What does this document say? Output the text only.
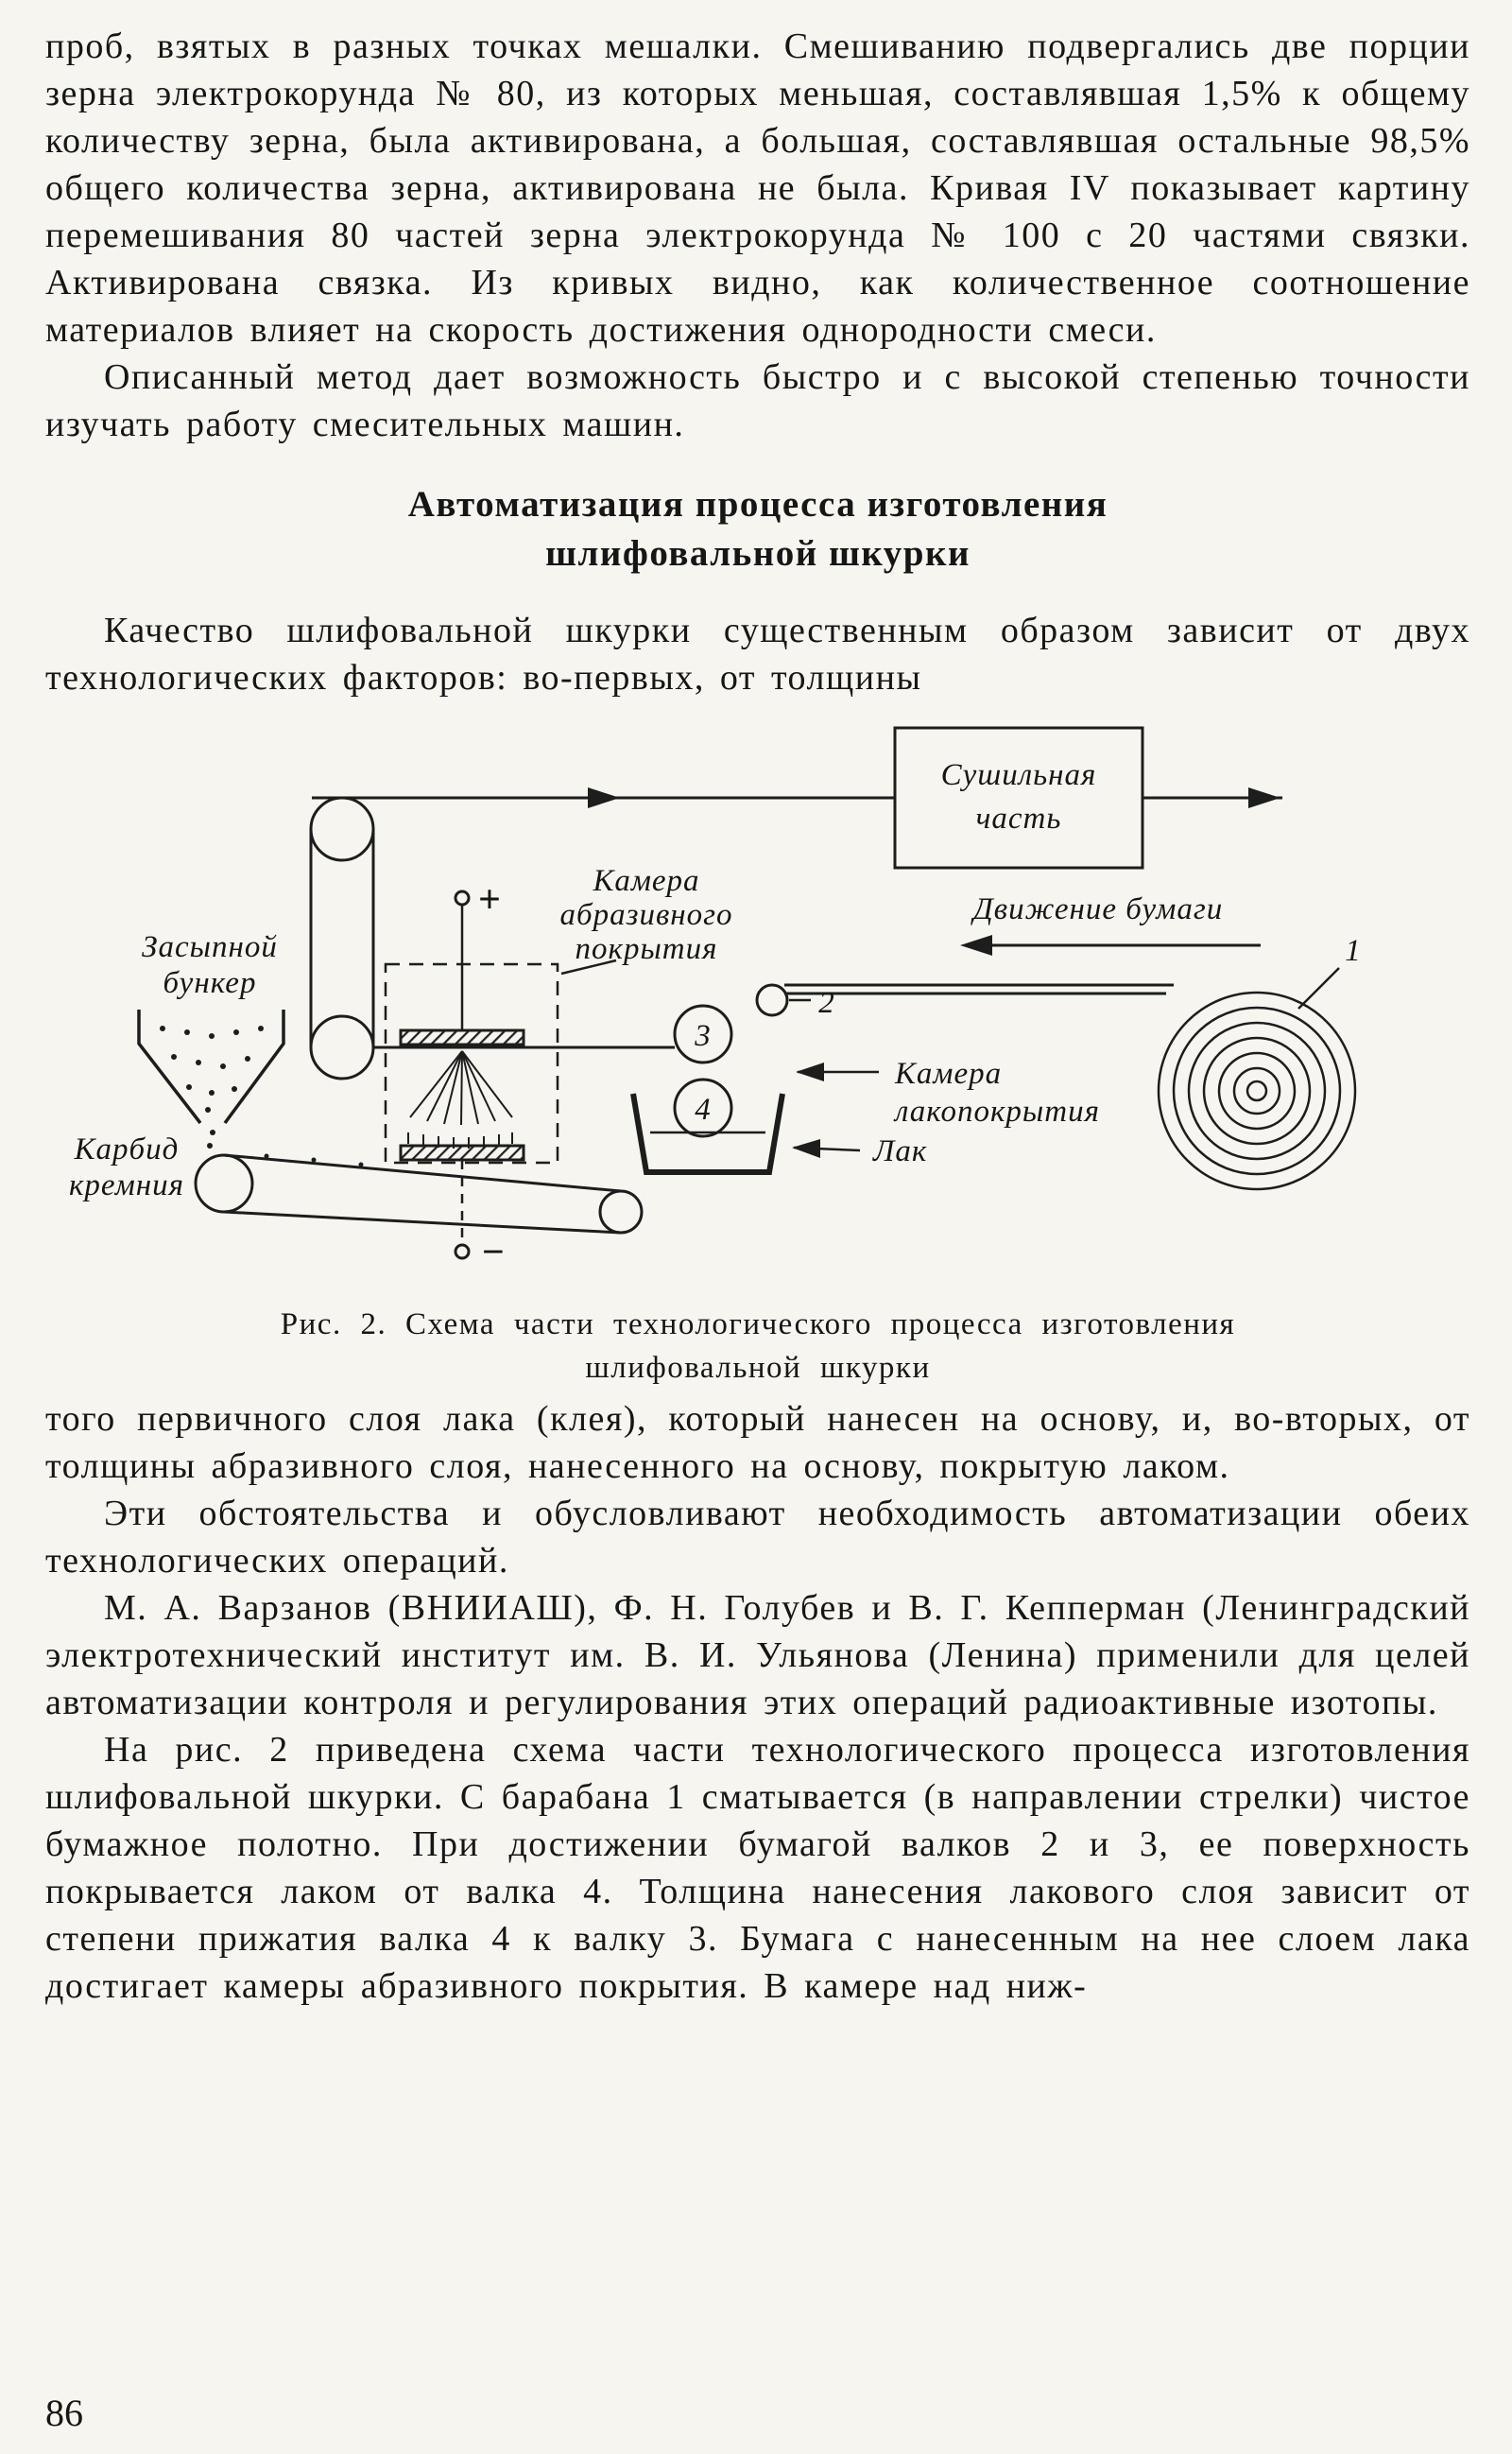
проб, взятых в разных точках мешалки. Смешиванию подвергались две порции зерна электрокорунда № 80, из которых меньшая, составлявшая 1,5% к общему количеству зерна, была активирована, а большая, составлявшая остальные 98,5% общего количества зерна, активирована не была. Кривая IV показывает картину перемешивания 80 частей зерна электрокорунда № 100 с 20 частями связки. Активирована связка. Из кривых видно, как количественное соотношение материалов влияет на скорость достижения однородности смеси.

Описанный метод дает возможность быстро и с высокой степенью точности изучать работу смесительных машин.

Автоматизация процесса изготовления
шлифовальной шкурки

Качество шлифовальной шкурки существенным образом зависит от двух технологических факторов: во-первых, от толщины

Сушильная
часть
Камера
абразивного
покрытия
Движение бумаги
Засыпной
бункер
Карбид
кремния
Камера
лакопокрытия
Лак
1
2
3
4
+
−
Рис. 2. Схема части технологического процесса изготовления
шлифовальной шкурки

того первичного слоя лака (клея), который нанесен на основу, и, во-вторых, от толщины абразивного слоя, нанесенного на основу, покрытую лаком.

Эти обстоятельства и обусловливают необходимость автоматизации обеих технологических операций.

М. А. Варзанов (ВНИИАШ), Ф. Н. Голубев и В. Г. Кепперман (Ленинградский электротехнический институт им. В. И. Ульянова (Ленина) применили для целей автоматизации контроля и регулирования этих операций радиоактивные изотопы.

На рис. 2 приведена схема части технологического процесса изготовления шлифовальной шкурки. С барабана 1 сматывается (в направлении стрелки) чистое бумажное полотно. При достижении бумагой валков 2 и 3, ее поверхность покрывается лаком от валка 4. Толщина нанесения лакового слоя зависит от степени прижатия валка 4 к валку 3. Бумага с нанесенным на нее слоем лака достигает камеры абразивного покрытия. В камере над ниж-

86
